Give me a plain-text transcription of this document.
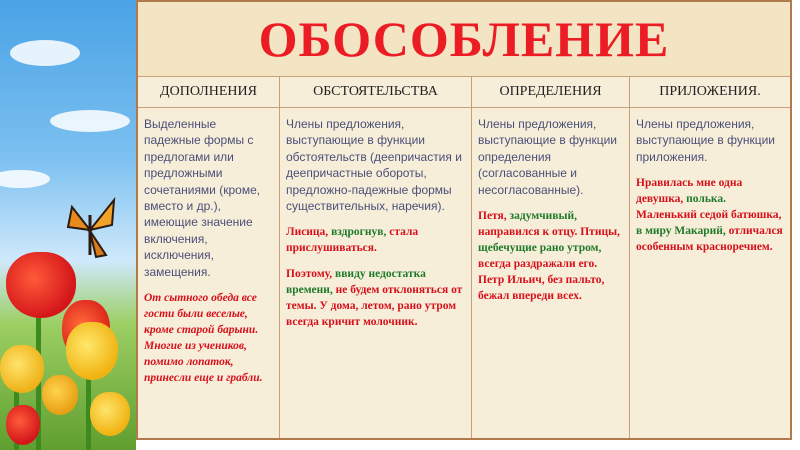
ОБОСОБЛЕНИЕ
ДОПОЛНЕНИЯ

Выделенные падежные формы с предлогами или предложными сочетаниями (кроме, вместо и др.), имеющие значение включения, исключения, замещения.

От сытного обеда все гости были веселые, кроме старой барыни. Многие из учеников, помимо лопаток, принесли еще и грабли.

ОБСТОЯТЕЛЬСТВА

Члены предложения, выступающие в функции обстоятельств (деепричастия и деепричастные обороты, предложно-падежные формы существительных, наречия).

Лисица, вздрогнув, стала прислушиваться.

Поэтому, ввиду недостатка времени, не будем отклоняться от темы. У дома, летом, рано утром всегда кричит молочник.

ОПРЕДЕЛЕНИЯ

Члены предложения, выступающие в функции определения (согласованные и несогласованные).

Петя, задумчивый, направился к отцу. Птицы, щебечущие рано утром, всегда раздражали его. Петр Ильич, без пальто, бежал впереди всех.

ПРИЛОЖЕНИЯ.

Члены предложения, выступающие в функции приложения.

Нравилась мне одна девушка, полька. Маленький седой батюшка, в миру Макарий, отличался особенным красноречием.
